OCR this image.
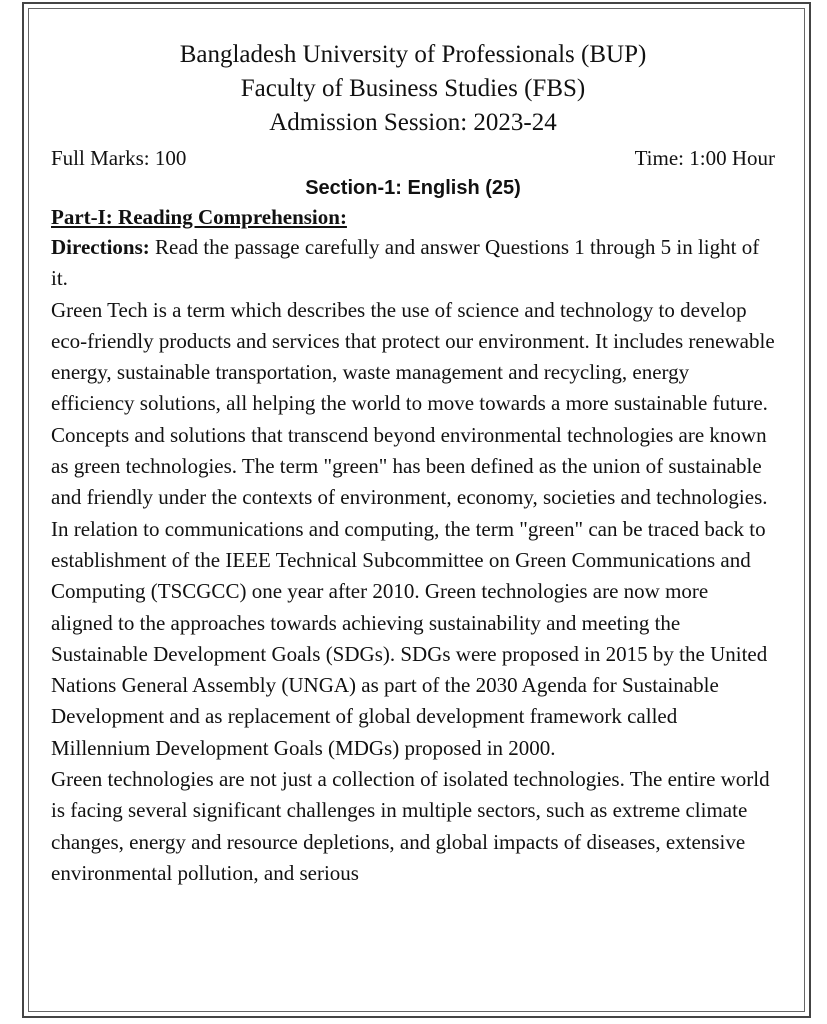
Bangladesh University of Professionals (BUP)
Faculty of Business Studies (FBS)
Admission Session: 2023-24
Full Marks: 100	Time: 1:00 Hour
Section-1: English (25)
Part-I: Reading Comprehension:

Directions: Read the passage carefully and answer Questions 1 through 5 in light of it.

Green Tech is a term which describes the use of science and technology to develop eco-friendly products and services that protect our environment. It includes renewable energy, sustainable transportation, waste management and recycling, energy efficiency solutions, all helping the world to move towards a more sustainable future. Concepts and solutions that transcend beyond environmental technologies are known as green technologies. The term "green" has been defined as the union of sustainable and friendly under the contexts of environment, economy, societies and technologies. In relation to communications and computing, the term "green" can be traced back to establishment of the IEEE Technical Subcommittee on Green Communications and Computing (TSCGCC) one year after 2010. Green technologies are now more aligned to the approaches towards achieving sustainability and meeting the Sustainable Development Goals (SDGs). SDGs were proposed in 2015 by the United Nations General Assembly (UNGA) as part of the 2030 Agenda for Sustainable Development and as replacement of global development framework called Millennium Development Goals (MDGs) proposed in 2000.

Green technologies are not just a collection of isolated technologies. The entire world is facing several significant challenges in multiple sectors, such as extreme climate changes, energy and resource depletions, and global impacts of diseases, extensive environmental pollution, and serious
